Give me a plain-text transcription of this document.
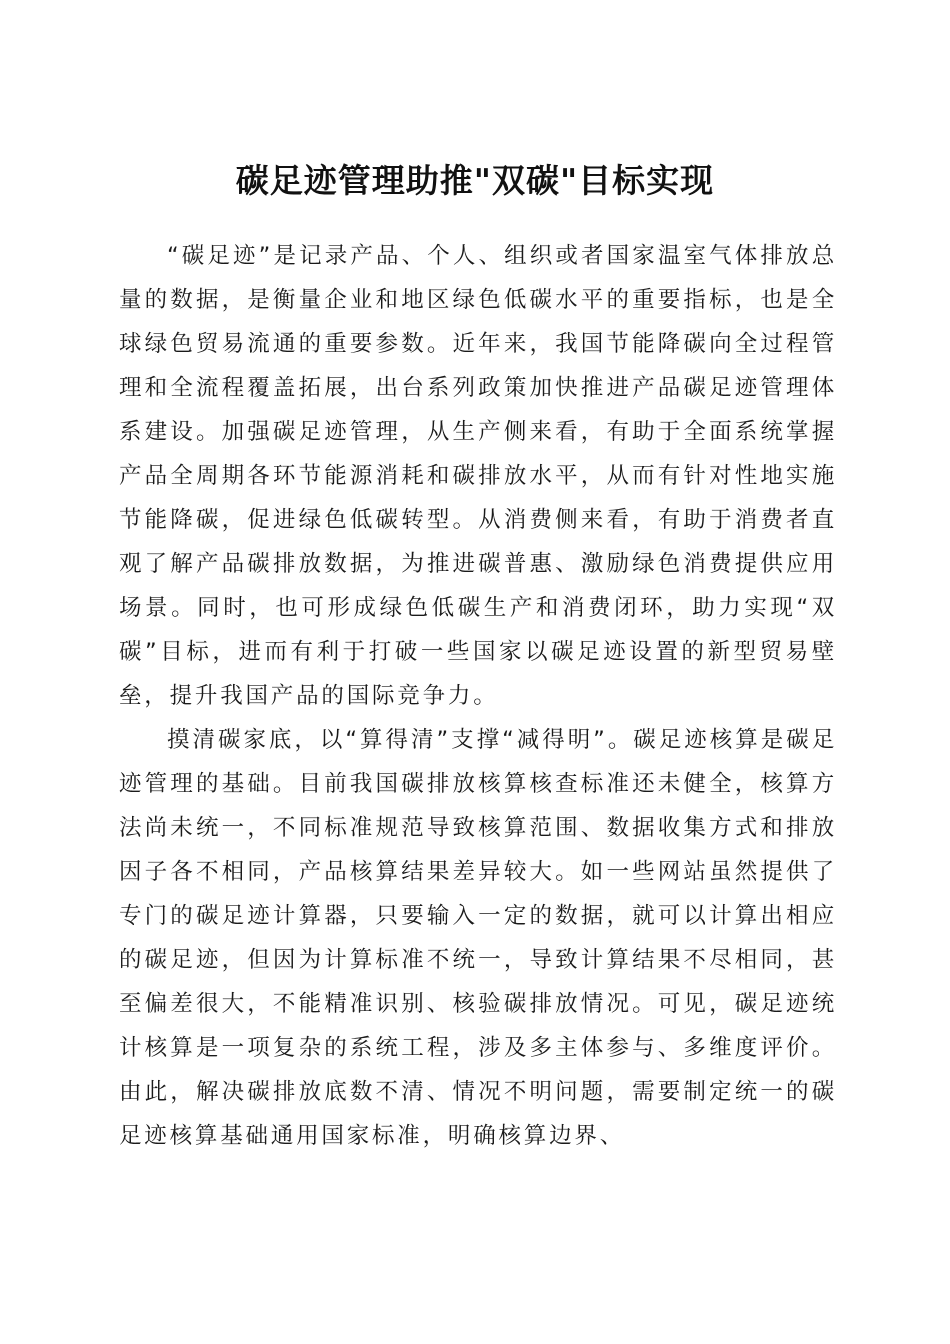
碳足迹管理助推"双碳"目标实现

“碳足迹”是记录产品、个人、组织或者国家温室气体排放总量的数据，是衡量企业和地区绿色低碳水平的重要指标，也是全球绿色贸易流通的重要参数。近年来，我国节能降碳向全过程管理和全流程覆盖拓展，出台系列政策加快推进产品碳足迹管理体系建设。加强碳足迹管理，从生产侧来看，有助于全面系统掌握产品全周期各环节能源消耗和碳排放水平，从而有针对性地实施节能降碳，促进绿色低碳转型。从消费侧来看，有助于消费者直观了解产品碳排放数据，为推进碳普惠、激励绿色消费提供应用场景。同时，也可形成绿色低碳生产和消费闭环，助力实现“双碳”目标，进而有利于打破一些国家以碳足迹设置的新型贸易壁垒，提升我国产品的国际竞争力。

摸清碳家底，以“算得清”支撑“减得明”。碳足迹核算是碳足迹管理的基础。目前我国碳排放核算核查标准还未健全，核算方法尚未统一，不同标准规范导致核算范围、数据收集方式和排放因子各不相同，产品核算结果差异较大。如一些网站虽然提供了专门的碳足迹计算器，只要输入一定的数据，就可以计算出相应的碳足迹，但因为计算标准不统一，导致计算结果不尽相同，甚至偏差很大，不能精准识别、核验碳排放情况。可见，碳足迹统计核算是一项复杂的系统工程，涉及多主体参与、多维度评价。由此，解决碳排放底数不清、情况不明问题，需要制定统一的碳足迹核算基础通用国家标准，明确核算边界、
